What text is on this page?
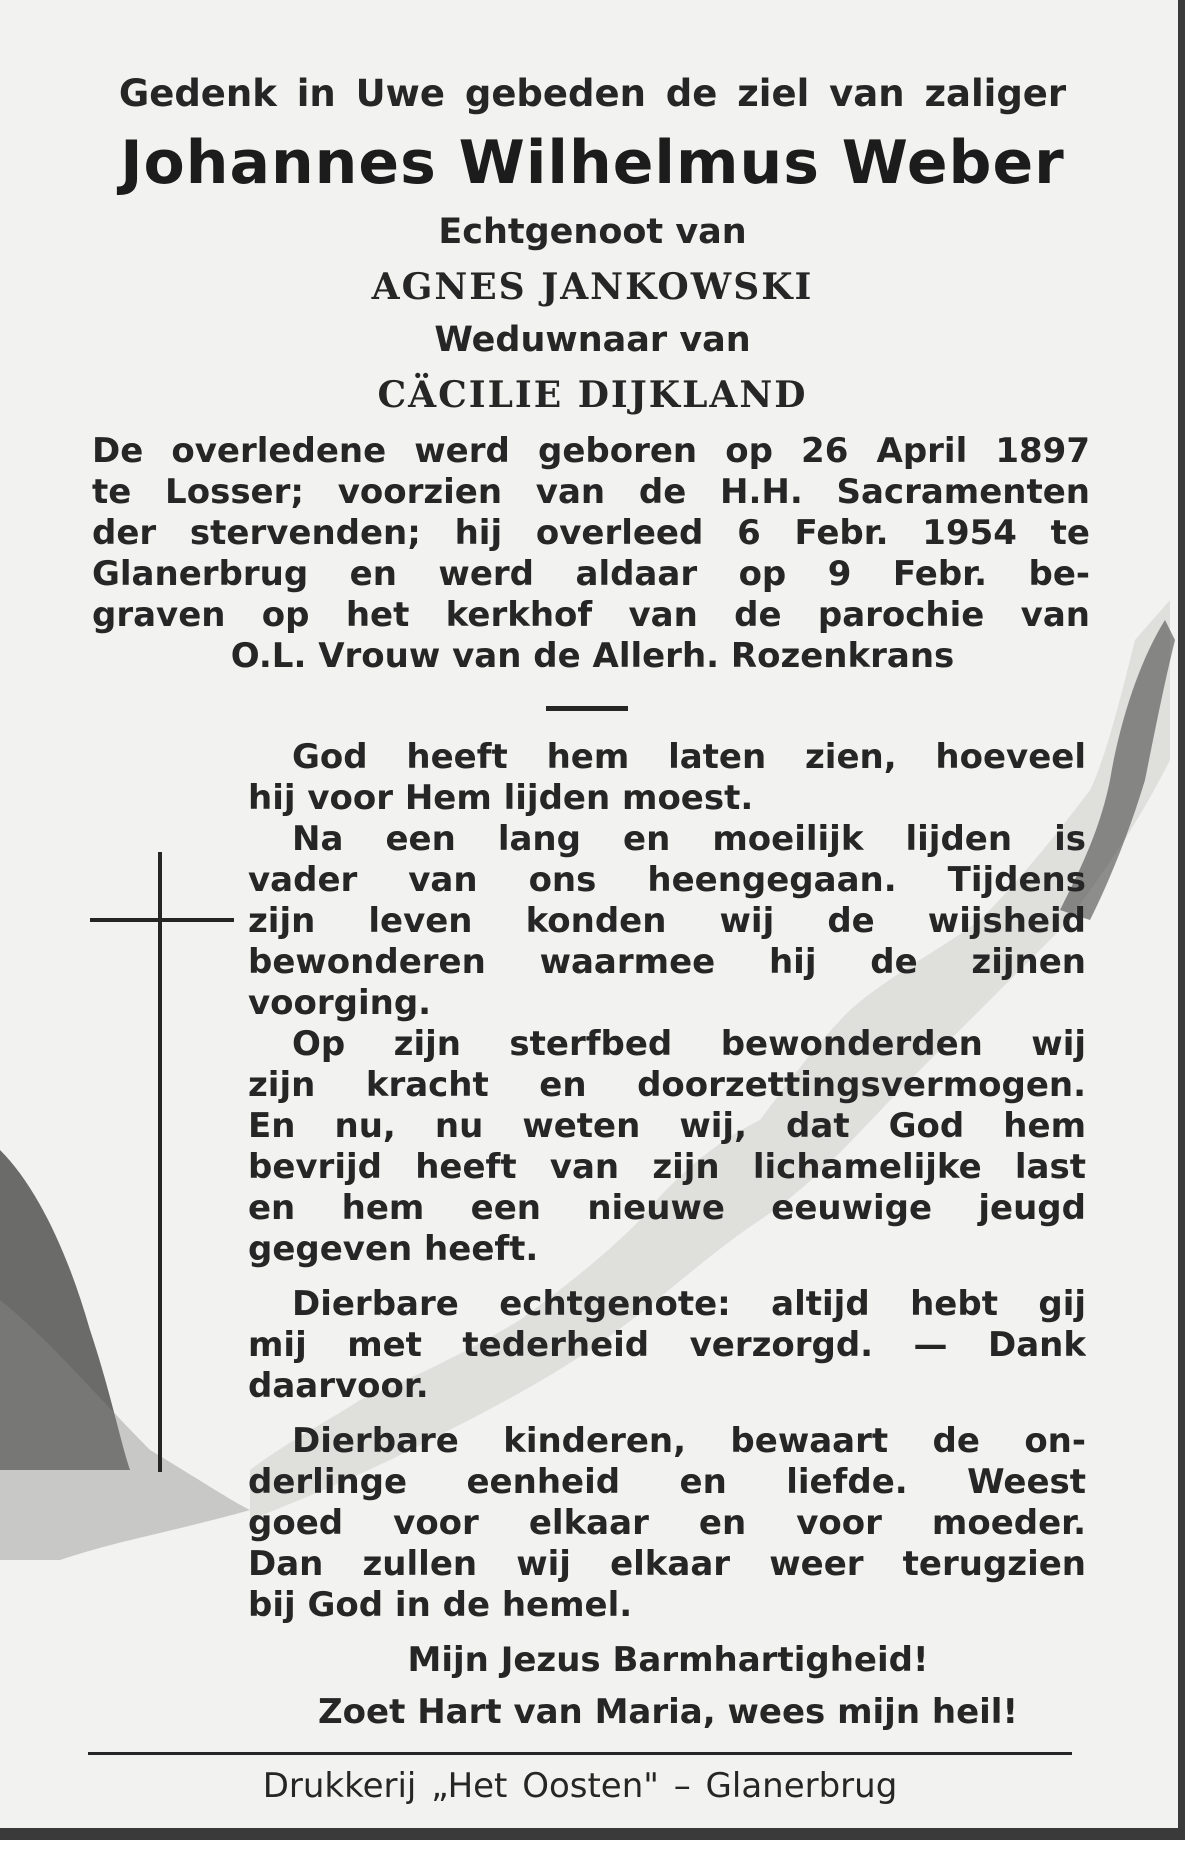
Gedenk in Uwe gebeden de ziel van zaliger
Johannes Wilhelmus Weber
Echtgenoot van
AGNES JANKOWSKI
Weduwnaar van
CÄCILIE DIJKLAND
De overledene werd geboren op 26 April 1897
te Losser; voorzien van de H.H. Sacramenten
der stervenden; hij overleed 6 Febr. 1954 te
Glanerbrug en werd aldaar op 9 Febr. be-
graven op het kerkhof van de parochie van
O.L. Vrouw van de Allerh. Rozenkrans
God heeft hem laten zien, hoeveel
hij voor Hem lijden moest.
Na een lang en moeilijk lijden is
vader van ons heengegaan. Tijdens
zijn leven konden wij de wijsheid
bewonderen waarmee hij de zijnen
voorging.
Op zijn sterfbed bewonderden wij
zijn kracht en doorzettingsvermogen.
En nu, nu weten wij, dat God hem
bevrijd heeft van zijn lichamelijke last
en hem een nieuwe eeuwige jeugd
gegeven heeft.
Dierbare echtgenote: altijd hebt gij
mij met tederheid verzorgd. — Dank
daarvoor.
Dierbare kinderen, bewaart de on-
derlinge eenheid en liefde. Weest
goed voor elkaar en voor moeder.
Dan zullen wij elkaar weer terugzien
bij God in de hemel.
Mijn Jezus Barmhartigheid!
Zoet Hart van Maria, wees mijn heil!
Drukkerij „Het Oosten" – Glanerbrug
